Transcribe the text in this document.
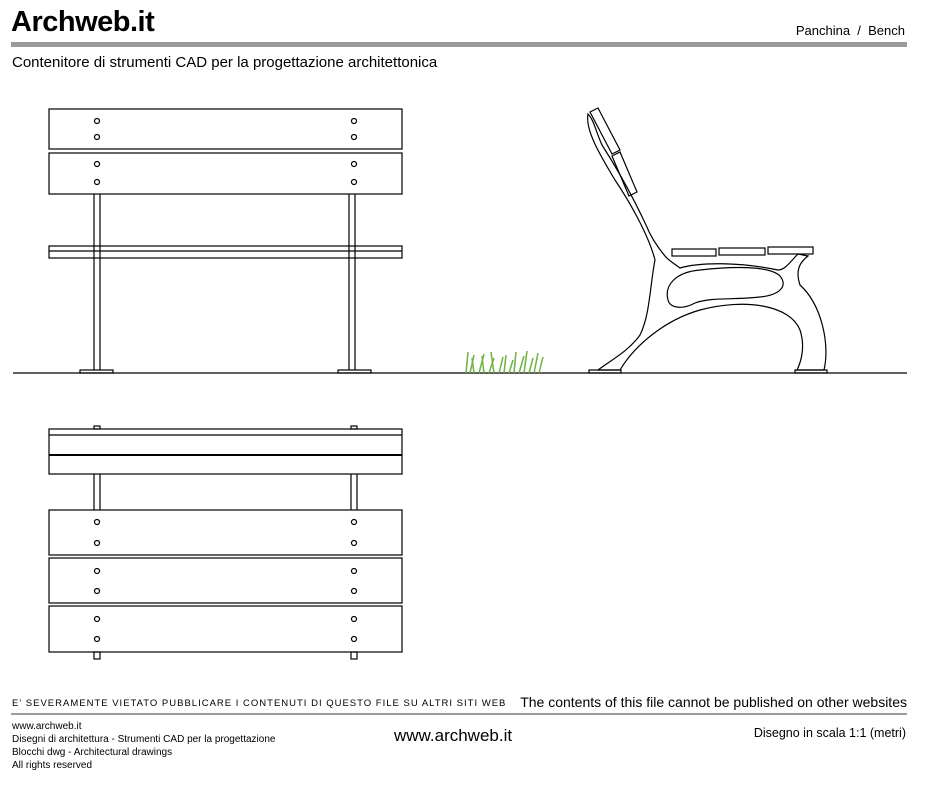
Archweb.it	Panchina  /  Bench
Contenitore di strumenti CAD per la progettazione architettonica
E' SEVERAMENTE VIETATO PUBBLICARE I CONTENUTI DI QUESTO FILE SU ALTRI SITI WEB The contents of this file cannot be published on other websites
www.archweb.it
Disegni di architettura - Strumenti CAD per la progettazione
Blocchi dwg - Architectural drawings
All rights reserved
www.archweb.it	Disegno in scala 1:1 (metri)
